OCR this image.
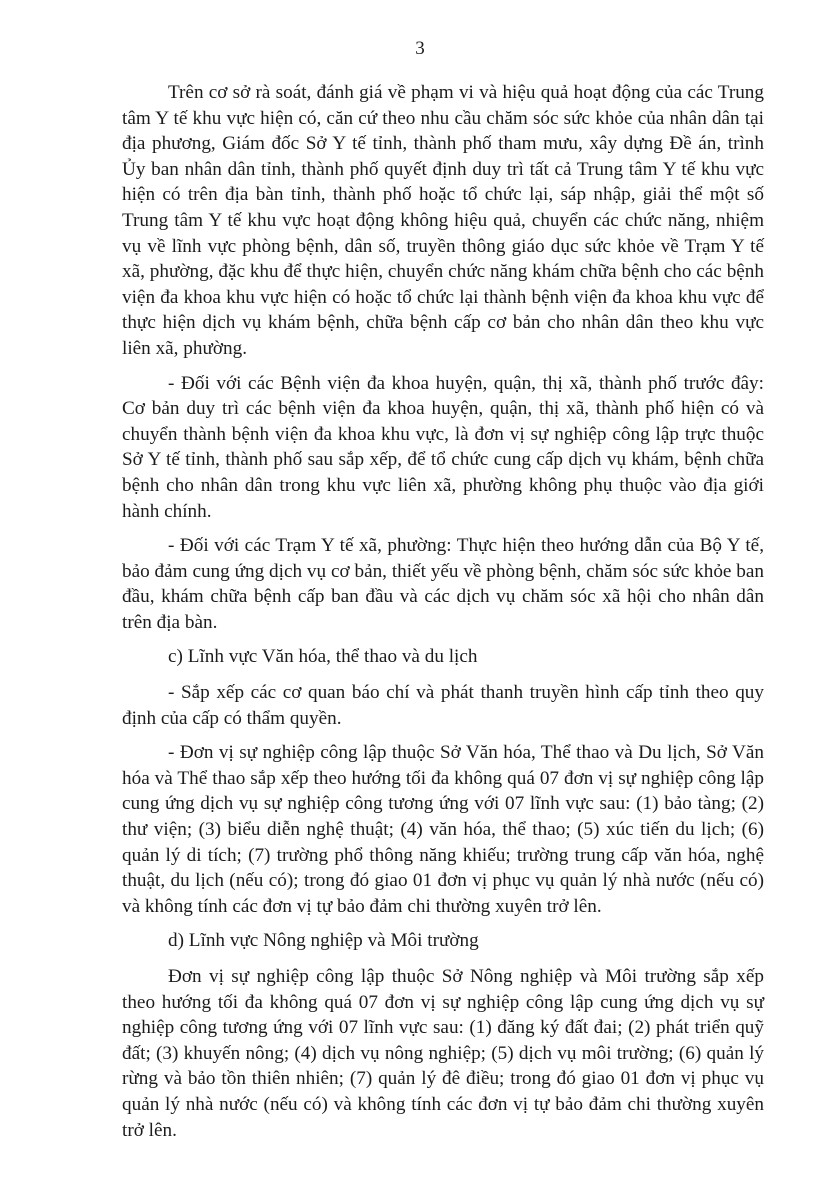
3

Trên cơ sở rà soát, đánh giá về phạm vi và hiệu quả hoạt động của các Trung tâm Y tế khu vực hiện có, căn cứ theo nhu cầu chăm sóc sức khỏe của nhân dân tại địa phương, Giám đốc Sở Y tế tỉnh, thành phố tham mưu, xây dựng Đề án, trình Ủy ban nhân dân tỉnh, thành phố quyết định duy trì tất cả Trung tâm Y tế khu vực hiện có trên địa bàn tỉnh, thành phố hoặc tổ chức lại, sáp nhập, giải thể một số Trung tâm Y tế khu vực hoạt động không hiệu quả, chuyển các chức năng, nhiệm vụ về lĩnh vực phòng bệnh, dân số, truyền thông giáo dục sức khỏe về Trạm Y tế xã, phường, đặc khu để thực hiện, chuyển chức năng khám chữa bệnh cho các bệnh viện đa khoa khu vực hiện có hoặc tổ chức lại thành bệnh viện đa khoa khu vực để thực hiện dịch vụ khám bệnh, chữa bệnh cấp cơ bản cho nhân dân theo khu vực liên xã, phường.

- Đối với các Bệnh viện đa khoa huyện, quận, thị xã, thành phố trước đây: Cơ bản duy trì các bệnh viện đa khoa huyện, quận, thị xã, thành phố hiện có và chuyển thành bệnh viện đa khoa khu vực, là đơn vị sự nghiệp công lập trực thuộc Sở Y tế tỉnh, thành phố sau sắp xếp, để tổ chức cung cấp dịch vụ khám, bệnh chữa bệnh cho nhân dân trong khu vực liên xã, phường không phụ thuộc vào địa giới hành chính.

- Đối với các Trạm Y tế xã, phường: Thực hiện theo hướng dẫn của Bộ Y tế, bảo đảm cung ứng dịch vụ cơ bản, thiết yếu về phòng bệnh, chăm sóc sức khỏe ban đầu, khám chữa bệnh cấp ban đầu và các dịch vụ chăm sóc xã hội cho nhân dân trên địa bàn.

c) Lĩnh vực Văn hóa, thể thao và du lịch

- Sắp xếp các cơ quan báo chí và phát thanh truyền hình cấp tỉnh theo quy định của cấp có thẩm quyền.

- Đơn vị sự nghiệp công lập thuộc Sở Văn hóa, Thể thao và Du lịch, Sở Văn hóa và Thể thao sắp xếp theo hướng tối đa không quá 07 đơn vị sự nghiệp công lập cung ứng dịch vụ sự nghiệp công tương ứng với 07 lĩnh vực sau: (1) bảo tàng; (2) thư viện; (3) biểu diễn nghệ thuật; (4) văn hóa, thể thao; (5) xúc tiến du lịch; (6) quản lý di tích; (7) trường phổ thông năng khiếu; trường trung cấp văn hóa, nghệ thuật, du lịch (nếu có); trong đó giao 01 đơn vị phục vụ quản lý nhà nước (nếu có) và không tính các đơn vị tự bảo đảm chi thường xuyên trở lên.

d) Lĩnh vực Nông nghiệp và Môi trường

Đơn vị sự nghiệp công lập thuộc Sở Nông nghiệp và Môi trường sắp xếp theo hướng tối đa không quá 07 đơn vị sự nghiệp công lập cung ứng dịch vụ sự nghiệp công tương ứng với 07 lĩnh vực sau: (1) đăng ký đất đai; (2) phát triển quỹ đất; (3) khuyến nông; (4) dịch vụ nông nghiệp; (5) dịch vụ môi trường; (6) quản lý rừng và bảo tồn thiên nhiên; (7) quản lý đê điều; trong đó giao 01 đơn vị phục vụ quản lý nhà nước (nếu có) và không tính các đơn vị tự bảo đảm chi thường xuyên trở lên.
